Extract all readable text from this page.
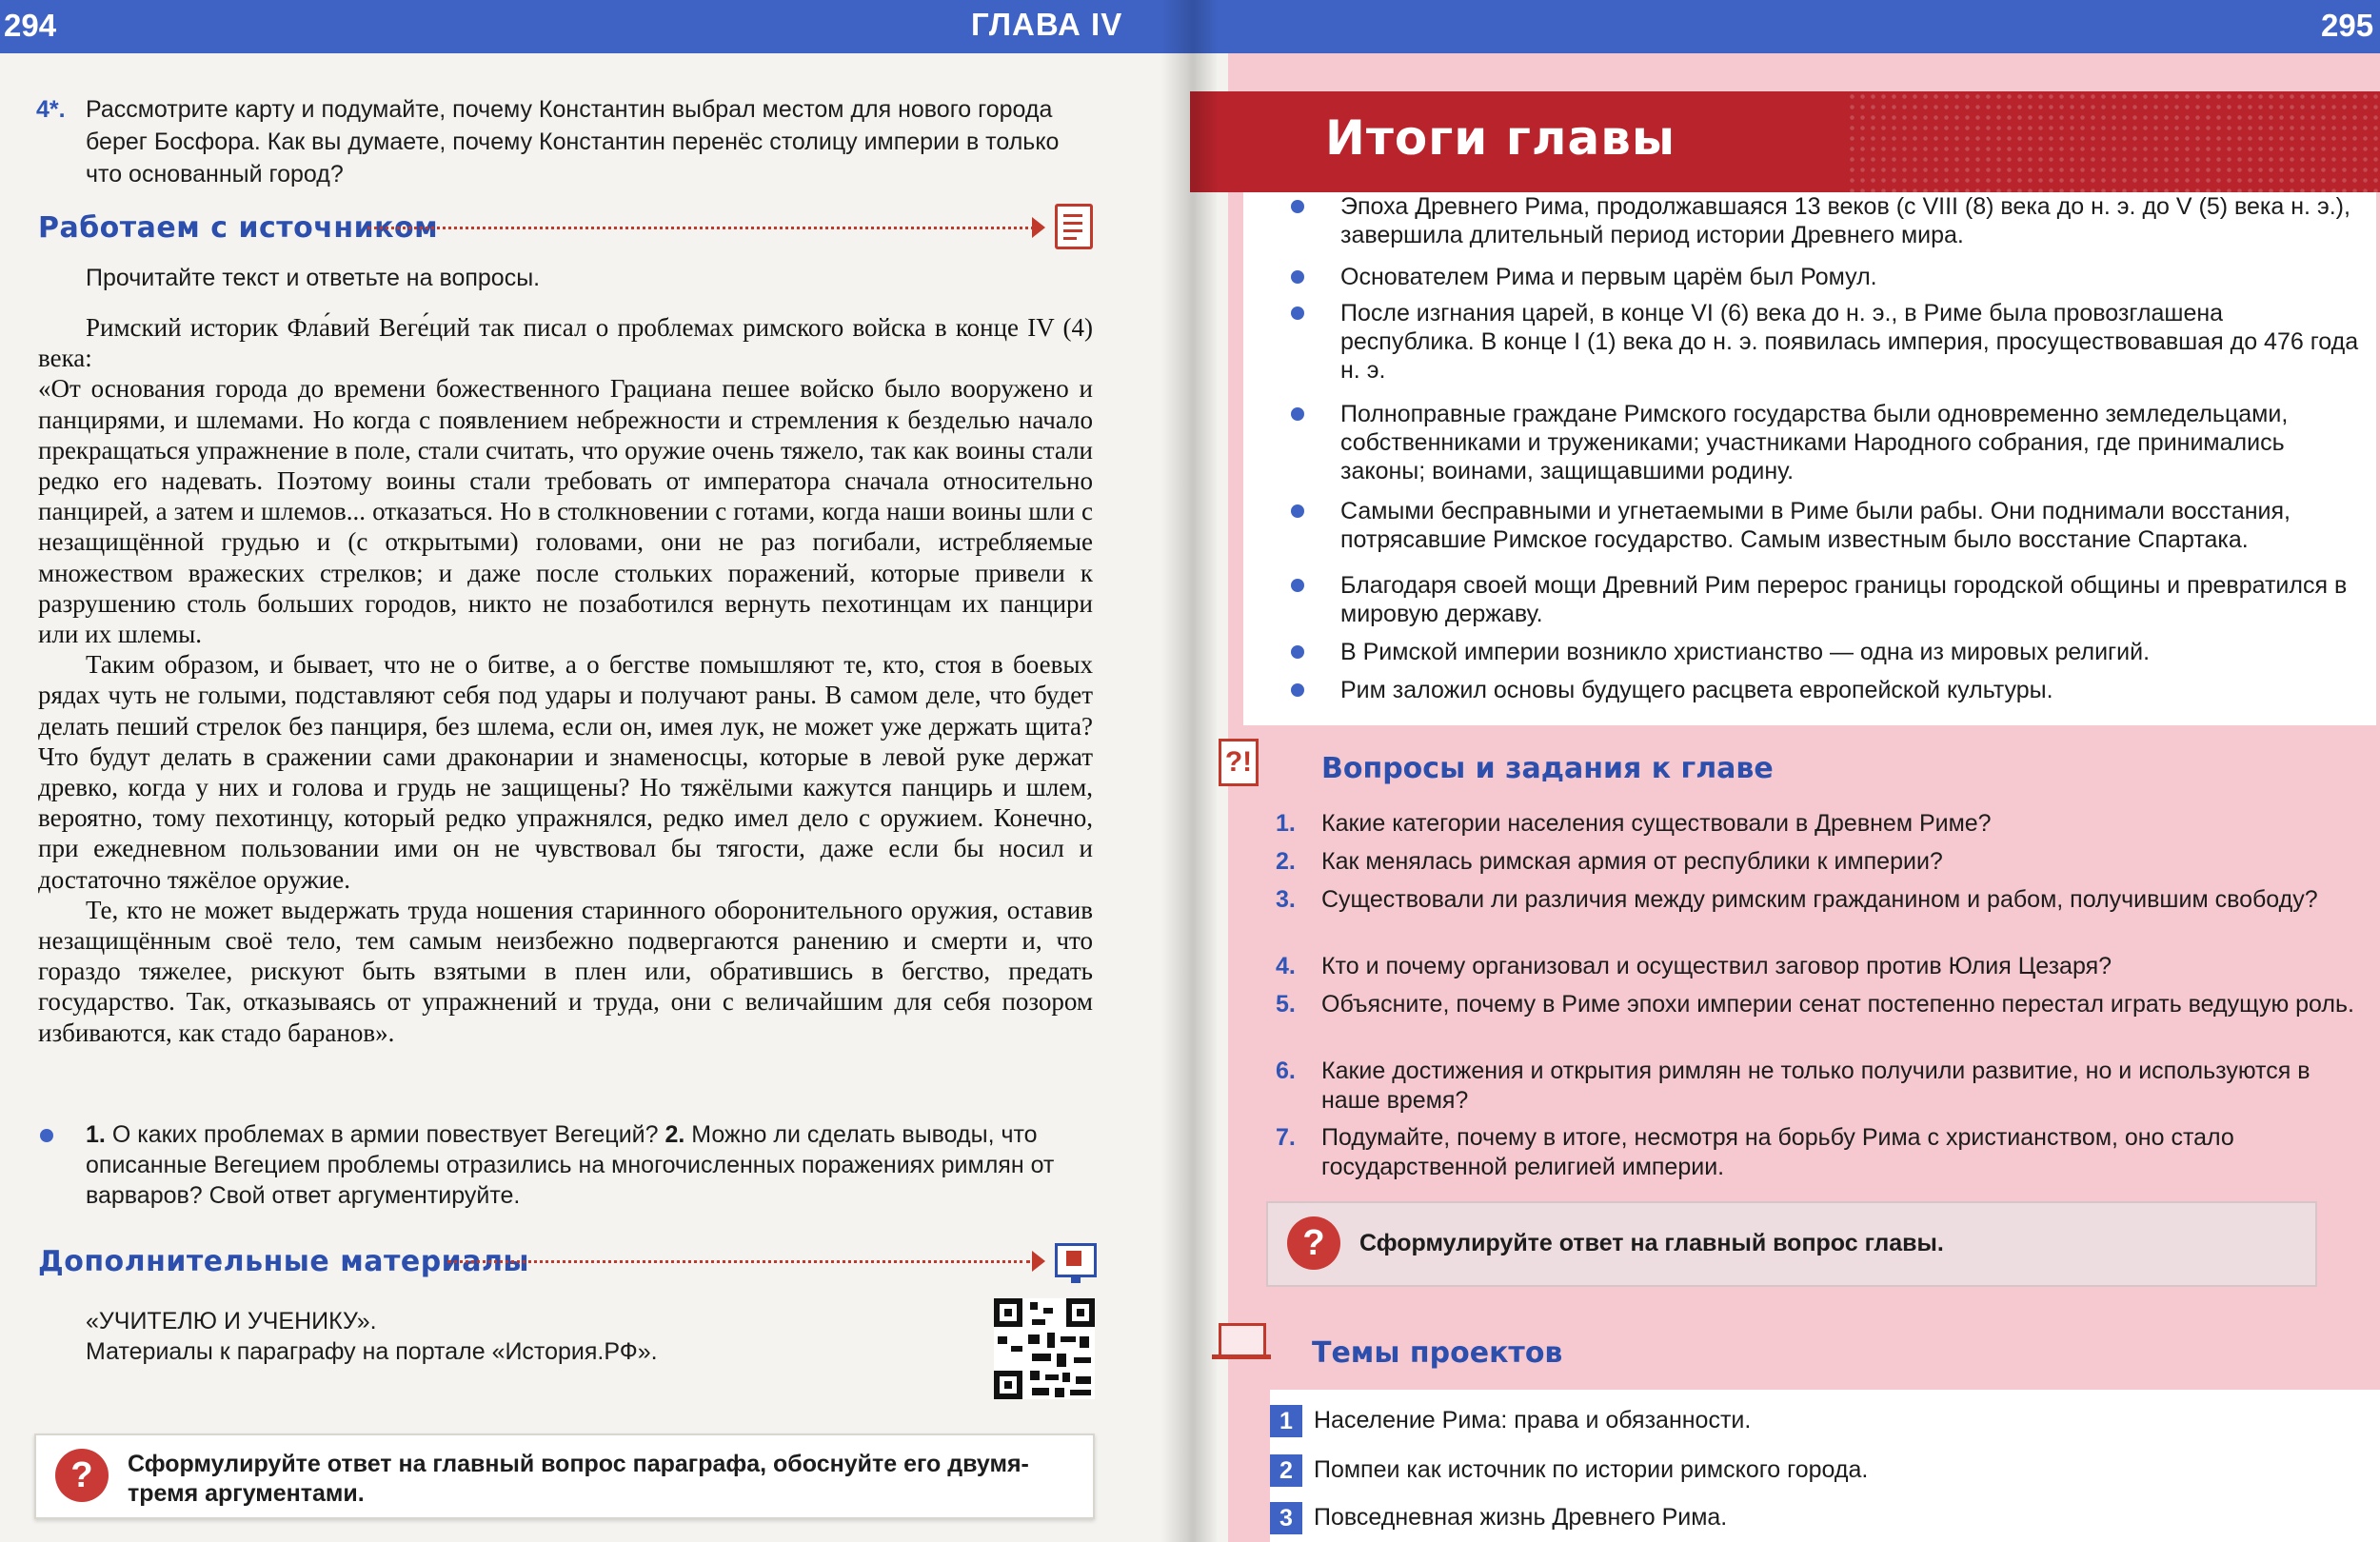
294	ГЛАВА IV
4*. Рассмотрите карту и подумайте, почему Константин выбрал местом для нового города берег Босфора. Как вы думаете, почему Константин перенёс столицу империи в только что основанный город?
Работаем с источником
Прочитайте текст и ответьте на вопросы.

Римский историк Фла́вий Веге́ций так писал о проблемах римского войска в конце IV (4) века:

«От основания города до времени божественного Грациана пешее войско было вооружено и панцирями, и шлемами. Но когда с появлением небрежности и стремления к безделью начало прекращаться упражнение в поле, стали считать, что оружие очень тяжело, так как воины стали редко его надевать. Поэтому воины стали требовать от императора сначала относительно панцирей, а затем и шлемов... отказаться. Но в столкновении с готами, когда наши воины шли с незащищённой грудью и (с открытыми) головами, они не раз погибали, истребляемые множеством вражеских стрелков; и даже после стольких поражений, которые привели к разрушению столь больших городов, никто не позаботился вернуть пехотинцам их панцири или их шлемы.

Таким образом, и бывает, что не о битве, а о бегстве помышляют те, кто, стоя в боевых рядах чуть не голыми, подставляют себя под удары и получают раны. В самом деле, что будет делать пеший стрелок без панциря, без шлема, если он, имея лук, не может уже держать щита? Что будут делать в сражении сами драконарии и знаменосцы, которые в левой руке держат древко, когда у них и голова и грудь не защищены? Но тяжёлыми кажутся панцирь и шлем, вероятно, тому пехотинцу, который редко упражнялся, редко имел дело с оружием. Конечно, при ежедневном пользовании ими он не чувствовал бы тягости, даже если бы носил и достаточно тяжёлое оружие.

Те, кто не может выдержать труда ношения старинного оборонительного оружия, оставив незащищённым своё тело, тем самым неизбежно подвергаются ранению и смерти и, что гораздо тяжелее, рискуют быть взятыми в плен или, обратившись в бегство, предать государство. Так, отказываясь от упражнений и труда, они с величайшим для себя позором избиваются, как стадо баранов».

1. О каких проблемах в армии повествует Вегеций? 2. Можно ли сделать выводы, что описанные Вегецием проблемы отразились на многочисленных поражениях римлян от варваров? Свой ответ аргументируйте.
Дополнительные материалы
«УЧИТЕЛЮ И УЧЕНИКУ».
Материалы к параграфу на портале «История.РФ».
?	Сформулируйте ответ на главный вопрос параграфа, обоснуйте его двумя-тремя аргументами.
295
Итоги главы
Эпоха Древнего Рима, продолжавшаяся 13 веков (с VIII (8) века до н. э. до V (5) века н. э.), завершила длительный период истории Древнего мира.
Основателем Рима и первым царём был Ромул.
После изгнания царей, в конце VI (6) века до н. э., в Риме была провозглашена республика. В конце I (1) века до н. э. появилась империя, просуществовавшая до 476 года н. э.
Полноправные граждане Римского государства были одновременно земледельцами, собственниками и тружениками; участниками Народного собрания, где принимались законы; воинами, защищавшими родину.
Самыми бесправными и угнетаемыми в Риме были рабы. Они поднимали восстания, потрясавшие Римское государство. Самым известным было восстание Спартака.
Благодаря своей мощи Древний Рим перерос границы городской общины и превратился в мировую державу.
В Римской империи возникло христианство — одна из мировых религий.
Рим заложил основы будущего расцвета европейской культуры.
?! Вопросы и задания к главе
1.	Какие категории населения существовали в Древнем Риме?
2.	Как менялась римская армия от республики к империи?
3.	Существовали ли различия между римским гражданином и рабом, получившим свободу?
4.	Кто и почему организовал и осуществил заговор против Юлия Цезаря?
5.	Объясните, почему в Риме эпохи империи сенат постепенно перестал играть ведущую роль.
6.	Какие достижения и открытия римлян не только получили развитие, но и используются в наше время?
7.	Подумайте, почему в итоге, несмотря на борьбу Рима с христианством, оно стало государственной религией империи.
?	Сформулируйте ответ на главный вопрос главы.
Темы проектов
1 Население Рима: права и обязанности.
2 Помпеи как источник по истории римского города.
3 Повседневная жизнь Древнего Рима.
